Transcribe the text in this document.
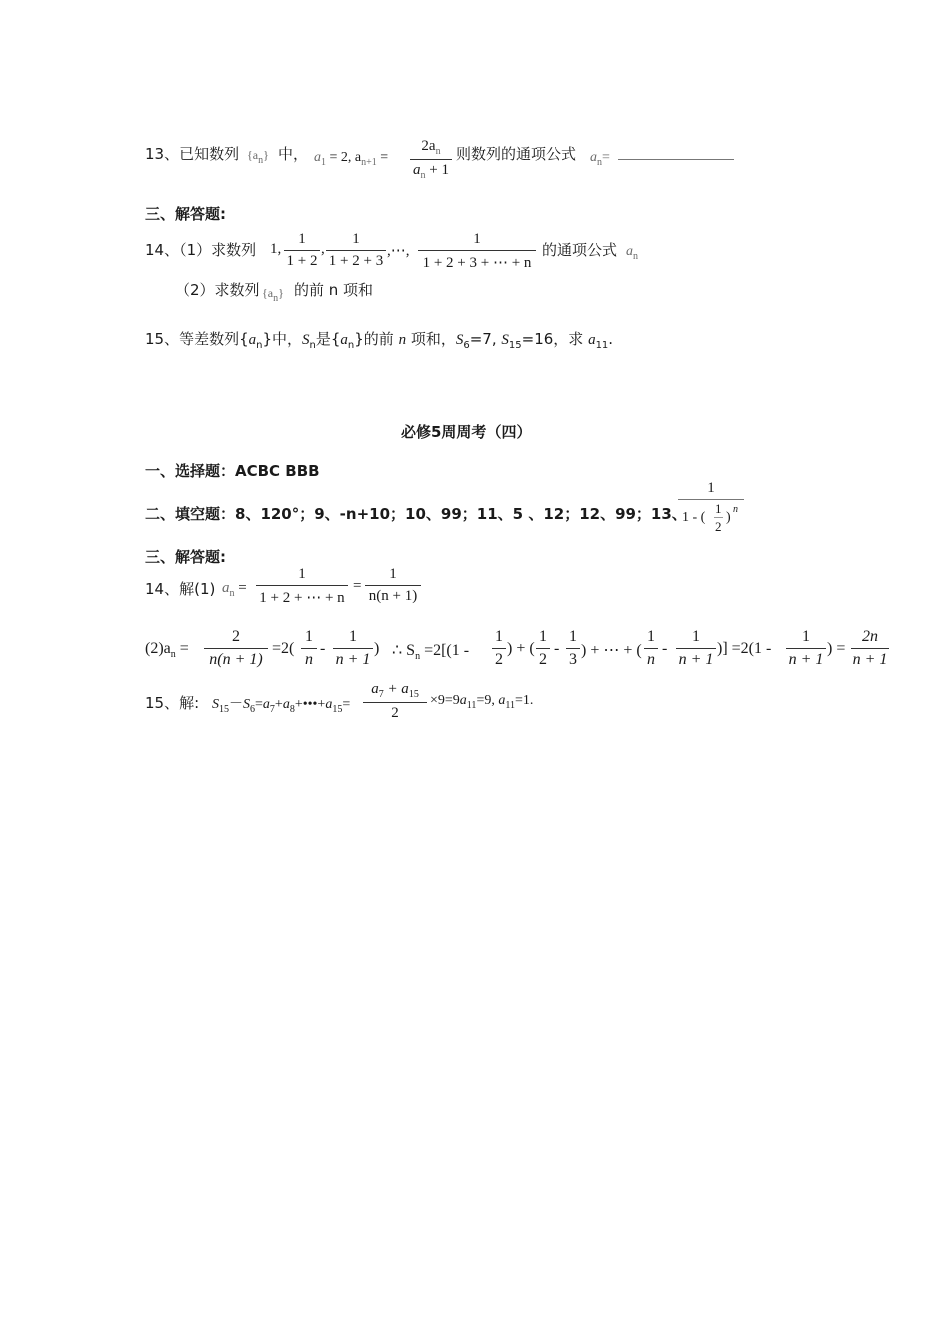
13、已知数列 $\{a_n\}$ 中， $a_1 = 2$, $a_{n+1} = \frac{2a_n}{a_n + 1}$ 则数列的通项公式 $a_n=$
三、解答题:
14、（1）求数列 1, $\frac{1}{1 + 2}$ , $\frac{1}{1 + 2 + 3}$ ,⋯, $\frac{1}{1 + 2 + 3 + \cdots + n}$ 的通项公式 $a_n$
（2）求数列 $\{a_n\}$ 的前 n 项和
15、等差数列$\{a_n\}$中，$S_n$是$\{a_n\}$的前 n 项和，$S_6=7$, $S_{15}=16$，求 $a_{11}$.
必修5周周考（四）
一、选择题：ACBC BBB
二、填空题：8、120°；9、-n+10；10、99；11、5 、12；12、99；13、
1
1 - (
1
2
)
n
三、解答题:
14、解(1) $a_n = \frac{1}{1 + 2 + \cdots + n} = \frac{1}{n(n + 1)}$
$(2)a_n = \frac{2}{n(n + 1)} =2( \frac{1}{n} - \frac{1}{n + 1}$ ) ∴ $S_n =2[(1 - \frac{1}{2}$ ) + ( $\frac{1}{2} - \frac{1}{3}$ ) + ⋯ + ( $\frac{1}{n} - \frac{1}{n + 1}$ )] $=2(1 - \frac{1}{n + 1}$ ) = $\frac{2n}{n + 1}$
15、解: $S_{15}-S_6=a_7+a_8+•••+a_{15}= \frac{a_7 + a_{15}}{2} \times 9=9a_{11}=9$, $a_{11}=1$.
